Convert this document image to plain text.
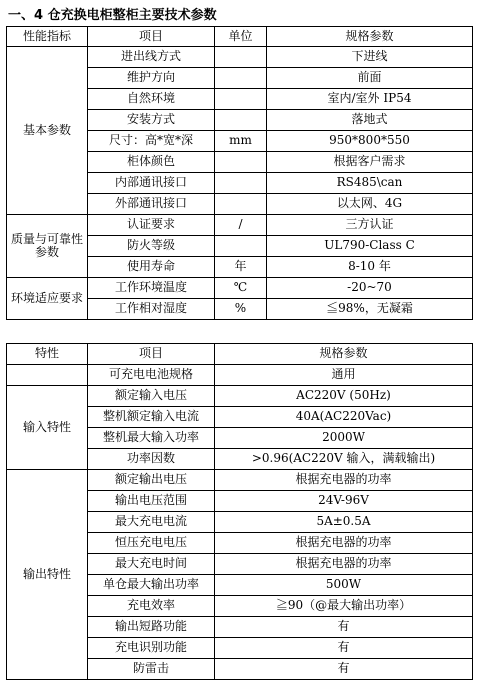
一、4 仓充换电柜整柜主要技术参数
性能指标	项目	单位	规格参数
基本参数	进出线方式		下进线
	维护方向		前面
	自然环境		室内/室外 IP54
	安装方式		落地式
	尺寸：高*宽*深	mm	950*800*550
	柜体颜色		根据客户需求
	内部通讯接口		RS485\can
	外部通讯接口		以太网、4G
质量与可靠性参数	认证要求	/	三方认证
	防火等级		UL790-Class C
	使用寿命	年	8-10 年
环境适应要求	工作环境温度	℃	-20~70
	工作相对湿度	%	≦98%，无凝霜
特性	项目	规格参数
	可充电电池规格	通用
输入特性	额定输入电压	AC220V (50Hz)
	整机额定输入电流	40A(AC220Vac)
	整机最大输入功率	2000W
	功率因数	>0.96(AC220V 输入，满载输出)
输出特性	额定输出电压	根据充电器的功率
	输出电压范围	24V-96V
	最大充电电流	5A±0.5A
	恒压充电电压	根据充电器的功率
	最大充电时间	根据充电器的功率
	单仓最大输出功率	500W
	充电效率	≧90（@最大输出功率）
	输出短路功能	有
	充电识别功能	有
	防雷击	有
